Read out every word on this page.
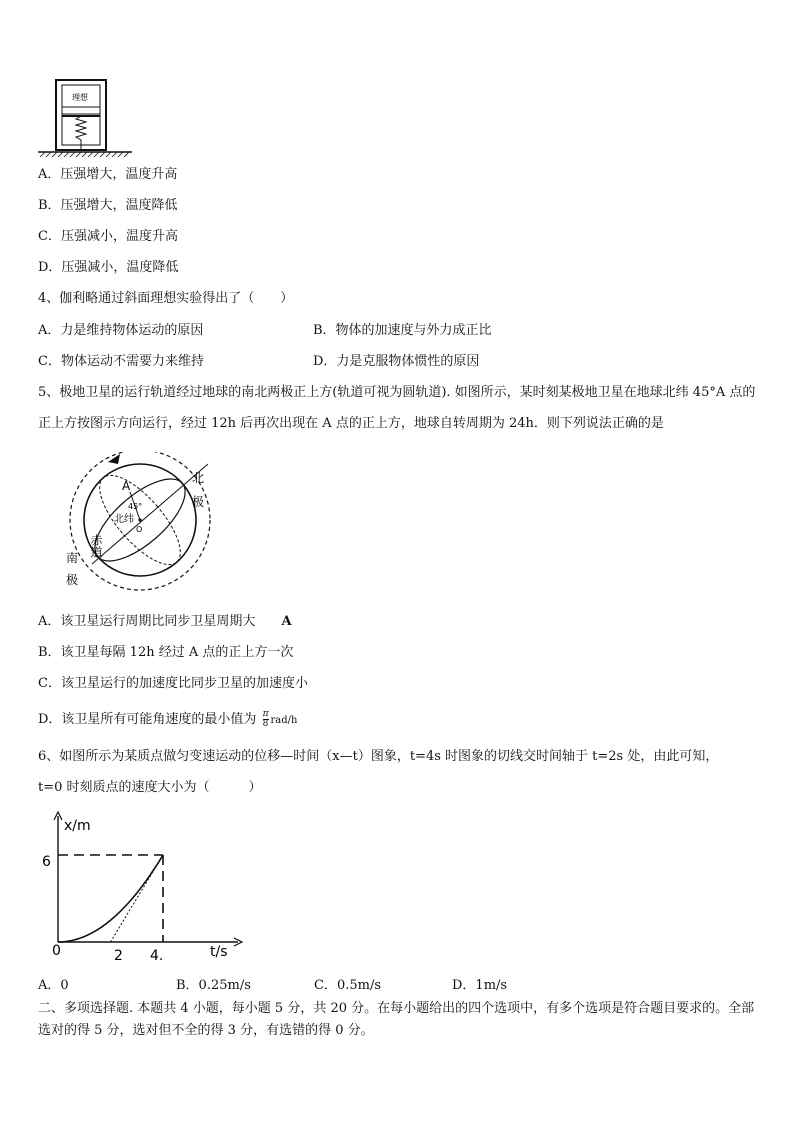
理想
A．压强增大，温度升高
B．压强增大，温度降低
C．压强减小，温度升高
D．压强减小，温度降低
4、伽利略通过斜面理想实验得出了（　　）
A．力是维持物体运动的原因	B．物体的加速度与外力成正比
C．物体运动不需要力来维持	D．力是克服物体惯性的原因
5、极地卫星的运行轨道经过地球的南北两极正上方(轨道可视为圆轨道). 如图所示，某时刻某极地卫星在地球北纬 45°A 点的正上方按图示方向运行，经过 12h 后再次出现在 A 点的正上方，地球自转周期为 24h．则下列说法正确的是
A
北
极
南
极
赤道
北纬
45°
O
A．该卫星运行周期比同步卫星周期大 A
B．该卫星每隔 12h 经过 A 点的正上方一次
C．该卫星运行的加速度比同步卫星的加速度小
D．该卫星所有可能角速度的最小值为 $\frac{\pi}{8} rad/h$
6、如图所示为某质点做匀变速运动的位移—时间（x—t）图象，t=4s 时图象的切线交时间轴于 t=2s 处，由此可知，
t=0 时刻质点的速度大小为（　　　）
x/m
t/s
6
0	2 4.
A．0	B．0.25m/s	C．0.5m/s	D．1m/s
二、多项选择题. 本题共 4 小题，每小题 5 分，共 20 分。在每小题给出的四个选项中，有多个选项是符合题目要求的。全部选对的得 5 分，选对但不全的得 3 分，有选错的得 0 分。
